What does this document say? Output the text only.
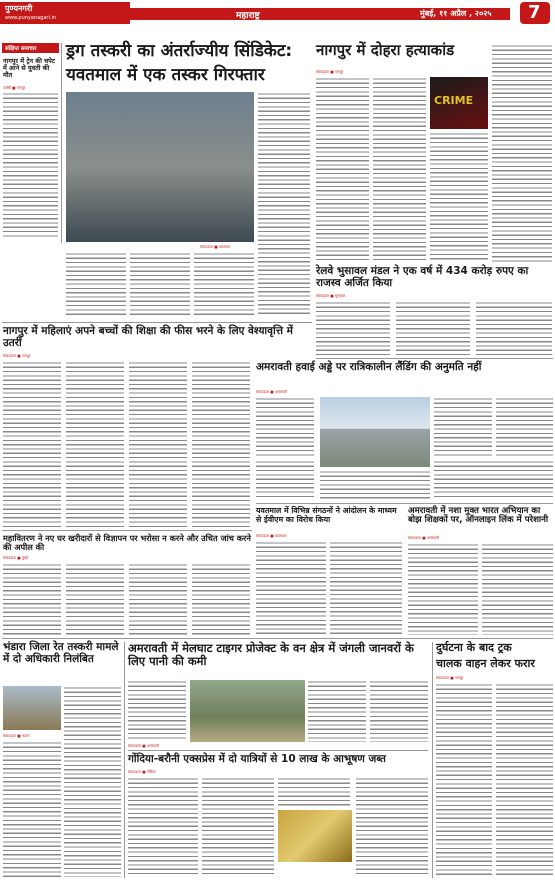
पुण्यनगरी
www.punyanagari.in	महाराष्ट्र	मुंबई, ११ अप्रैल , २०२५ 7
संक्षिप्त समाचार
नागपुर में ट्रेन की चपेट में आने से युवती की मौत
एजेंसी ■ नागपुर
ड्रग तस्करी का अंतर्राज्यीय सिंडिकेट:
यवतमाल में एक तस्कर गिरफ्तार
संवाददाता ■ यवतमाल
नागपुर में दोहरा हत्याकांड
संवाददाता ■ नागपुर
CRIME
रेलवे भुसावल मंडल ने एक वर्ष में 434 करोड़ रुपए का राजस्व अर्जित किया
संवाददाता ■ भुसावल
नागपुर में महिलाएं अपने बच्चों की शिक्षा की फीस भरने के लिए वेश्यावृत्ति में उतरीं
संवाददाता ■ नागपुर
अमरावती हवाई अड्डे पर रात्रिकालीन लैंडिंग की अनुमति नहीं
संवाददाता ■ अमरावती
यवतमाल में विभिन्न संगठनों ने आंदोलन के माध्यम से ईवीएम का विरोध किया
संवाददाता ■ यवतमाल
अमरावती में नशा मुक्त भारत अभियान का बोझ शिक्षकों पर, ऑनलाइन लिंक में परेशानी
संवाददाता ■ अमरावती
महावितरण ने नए घर खरीदारों से विज्ञापन पर भरोसा न करने और उचित जांच करने की अपील की
संवाददाता ■ मुंबई
भंडारा जिला रेत तस्करी मामले में दो अधिकारी निलंबित
संवाददाता ■ भंडारा
अमरावती में मेलघाट टाइगर प्रोजेक्ट के वन क्षेत्र में जंगली जानवरों के लिए पानी की कमी
संवाददाता ■ अमरावती
दुर्घटना के बाद ट्रक
चालक वाहन लेकर फरार
संवाददाता ■ नागपुर
गोंदिया-बरौनी एक्सप्रेस में दो यात्रियों से 10 लाख के आभूषण जब्त
संवाददाता ■ गोंदिया
